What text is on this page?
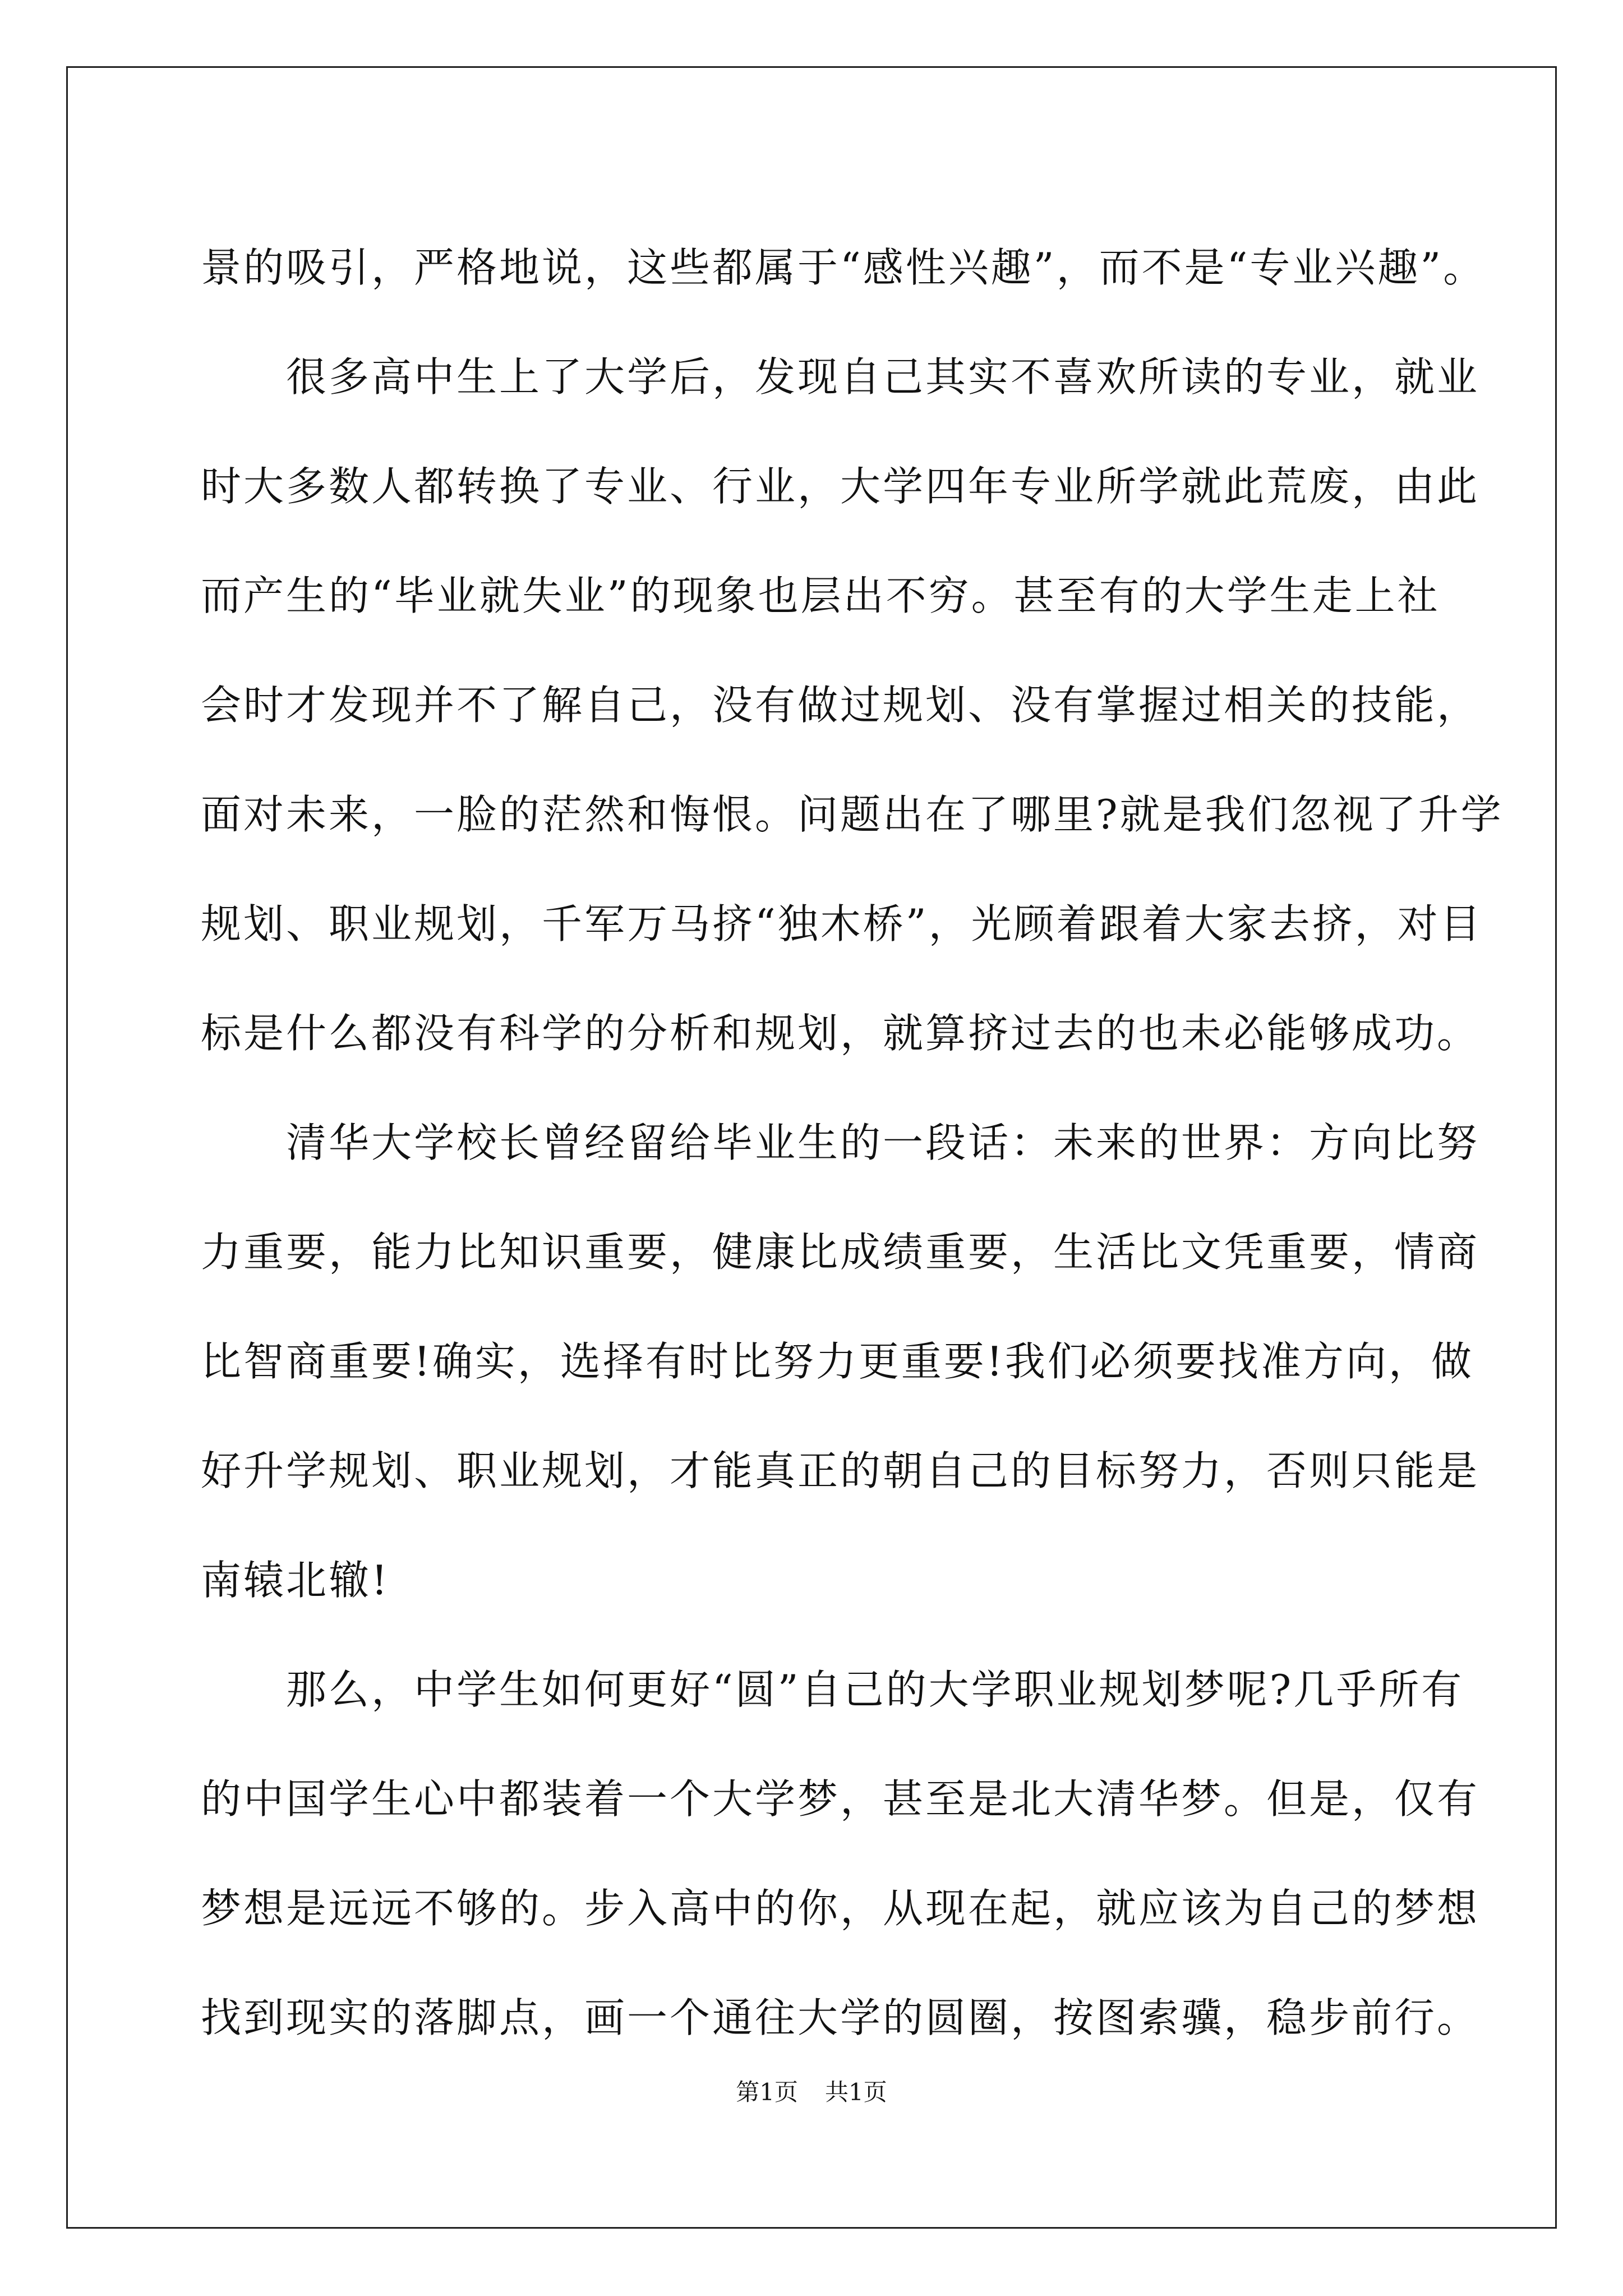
景的吸引，严格地说，这些都属于“感性兴趣”，而不是“专业兴趣”。
很多高中生上了大学后，发现自己其实不喜欢所读的专业，就业
时大多数人都转换了专业、行业，大学四年专业所学就此荒废，由此
而产生的“毕业就失业”的现象也层出不穷。甚至有的大学生走上社
会时才发现并不了解自己，没有做过规划、没有掌握过相关的技能，
面对未来，一脸的茫然和悔恨。问题出在了哪里?就是我们忽视了升学
规划、职业规划，千军万马挤“独木桥”，光顾着跟着大家去挤，对目
标是什么都没有科学的分析和规划，就算挤过去的也未必能够成功。
清华大学校长曾经留给毕业生的一段话：未来的世界：方向比努
力重要，能力比知识重要，健康比成绩重要，生活比文凭重要，情商
比智商重要!确实，选择有时比努力更重要!我们必须要找准方向，做
好升学规划、职业规划，才能真正的朝自己的目标努力，否则只能是
南辕北辙!
那么，中学生如何更好“圆”自己的大学职业规划梦呢?几乎所有
的中国学生心中都装着一个大学梦，甚至是北大清华梦。但是，仅有
梦想是远远不够的。步入高中的你，从现在起，就应该为自己的梦想
找到现实的落脚点，画一个通往大学的圆圈，按图索骥，稳步前行。
第1页 共1页
